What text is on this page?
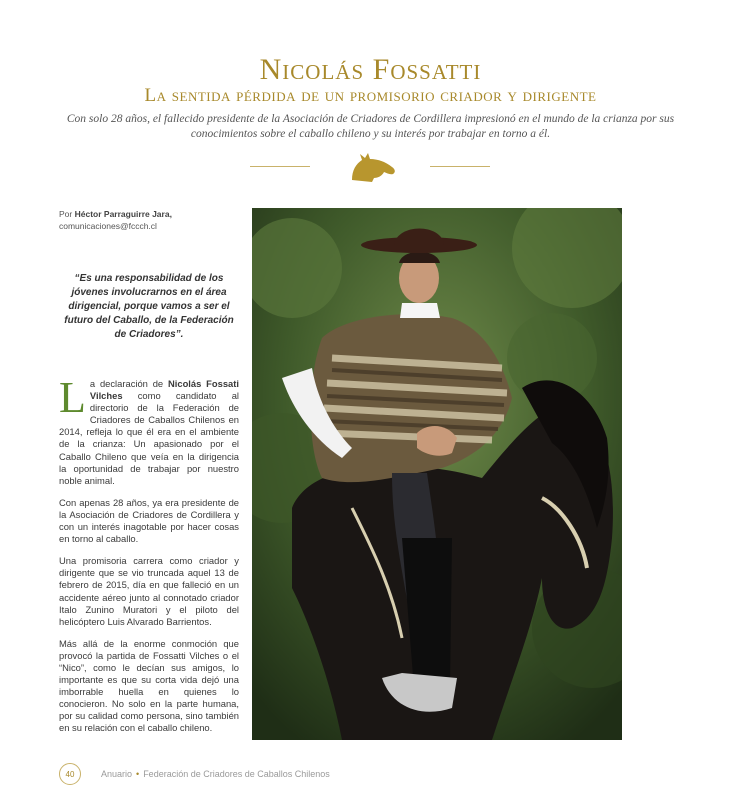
Nicolás Fossatti
La sentida pérdida de un promisorio criador y dirigente
Con solo 28 años, el fallecido presidente de la Asociación de Criadores de Cordillera impresionó en el mundo de la crianza por sus conocimientos sobre el caballo chileno y su interés por trabajar en torno a él.
Por Héctor Parraguirre Jara,
comunicaciones@fccch.cl
“Es una responsabilidad de los jóvenes involucrarnos en el área dirigencial, porque vamos a ser el futuro del Caballo, de la Federación de Criadores”.

La declaración de Nicolás Fossati Vilches como candidato al directorio de la Federación de Criadores de Caballos Chilenos en 2014, refleja lo que él era en el ambiente de la crianza: Un apasionado por el Caballo Chileno que veía en la dirigencia la oportunidad de trabajar por nuestro noble animal.

Con apenas 28 años, ya era presidente de la Asociación de Criadores de Cordillera y con un interés inagotable por hacer cosas en torno al caballo.

Una promisoria carrera como criador y dirigente que se vio truncada aquel 13 de febrero de 2015, día en que falleció en un accidente aéreo junto al connotado criador Italo Zunino Muratori y el piloto del helicóptero Luis Alvarado Barrientos.

Más allá de la enorme conmoción que provocó la partida de Fossatti Vilches o el “Nico”, como le decían sus amigos, lo importante es que su corta vida dejó una imborrable huella en quienes lo conocieron. No solo en la parte humana, por su calidad como persona, sino también en su relación con el caballo chileno.

40	Anuario • Federación de Criadores de Caballos Chilenos
